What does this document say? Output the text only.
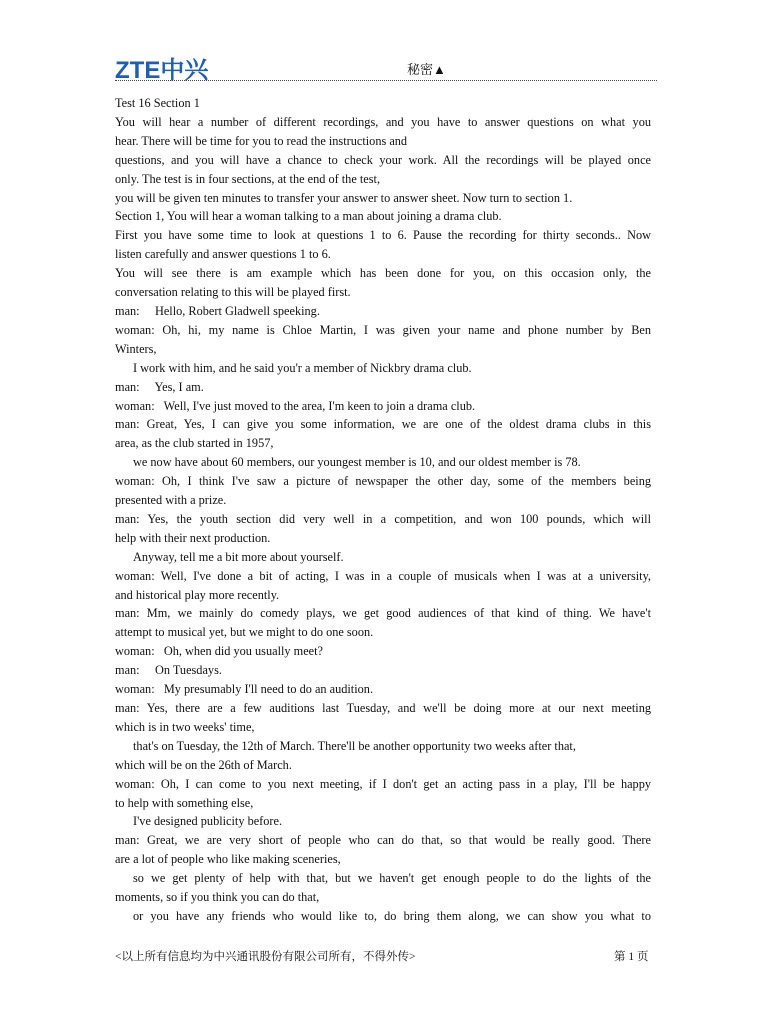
ZTE中兴	秘密▲
Test 16 Section 1
You will hear a number of different recordings, and you have to answer questions on what you
hear. There will be time for you to read the instructions and
questions, and you will have a chance to check your work. All the recordings will be played once
only. The test is in four sections, at the end of the test,
you will be given ten minutes to transfer your answer to answer sheet. Now turn to section 1.
Section 1, You will hear a woman talking to a man about joining a drama club.
First you have some time to look at questions 1 to 6. Pause the recording for thirty seconds.. Now
listen carefully and answer questions 1 to 6.
You will see there is am example which has been done for you, on this occasion only, the
conversation relating to this will be played first.
man:     Hello, Robert Gladwell speeking.
woman: Oh, hi, my name is Chloe Martin, I was given your name and phone number by Ben
Winters,
I work with him, and he said you'r a member of Nickbry drama club.
man:     Yes, I am.
woman:   Well, I've just moved to the area, I'm keen to join a drama club.
man: Great, Yes, I can give you some information, we are one of the oldest drama clubs in this
area, as the club started in 1957,
we now have about 60 members, our youngest member is 10, and our oldest member is 78.
woman: Oh, I think I've saw a picture of newspaper the other day, some of the members being
presented with a prize.
man: Yes, the youth section did very well in a competition, and won 100 pounds, which will
help with their next production.
Anyway, tell me a bit more about yourself.
woman: Well, I've done a bit of acting, I was in a couple of musicals when I was at a university,
and historical play more recently.
man: Mm, we mainly do comedy plays, we get good audiences of that kind of thing. We have't
attempt to musical yet, but we might to do one soon.
woman:   Oh, when did you usually meet?
man:     On Tuesdays.
woman:   My presumably I'll need to do an audition.
man: Yes, there are a few auditions last Tuesday, and we'll be doing more at our next meeting
which is in two weeks' time,
that's on Tuesday, the 12th of March. There'll be another opportunity two weeks after that,
which will be on the 26th of March.
woman: Oh, I can come to you next meeting, if I don't get an acting pass in a play, I'll be happy
to help with something else,
I've designed publicity before.
man: Great, we are very short of people who can do that, so that would be really good. There
are a lot of people who like making sceneries,
so we get plenty of help with that, but we haven't get enough people to do the lights of the
moments, so if you think you can do that,
or you have any friends who would like to, do bring them along, we can show you what to
<以上所有信息均为中兴通讯股份有限公司所有，不得外传>	第 1 页
